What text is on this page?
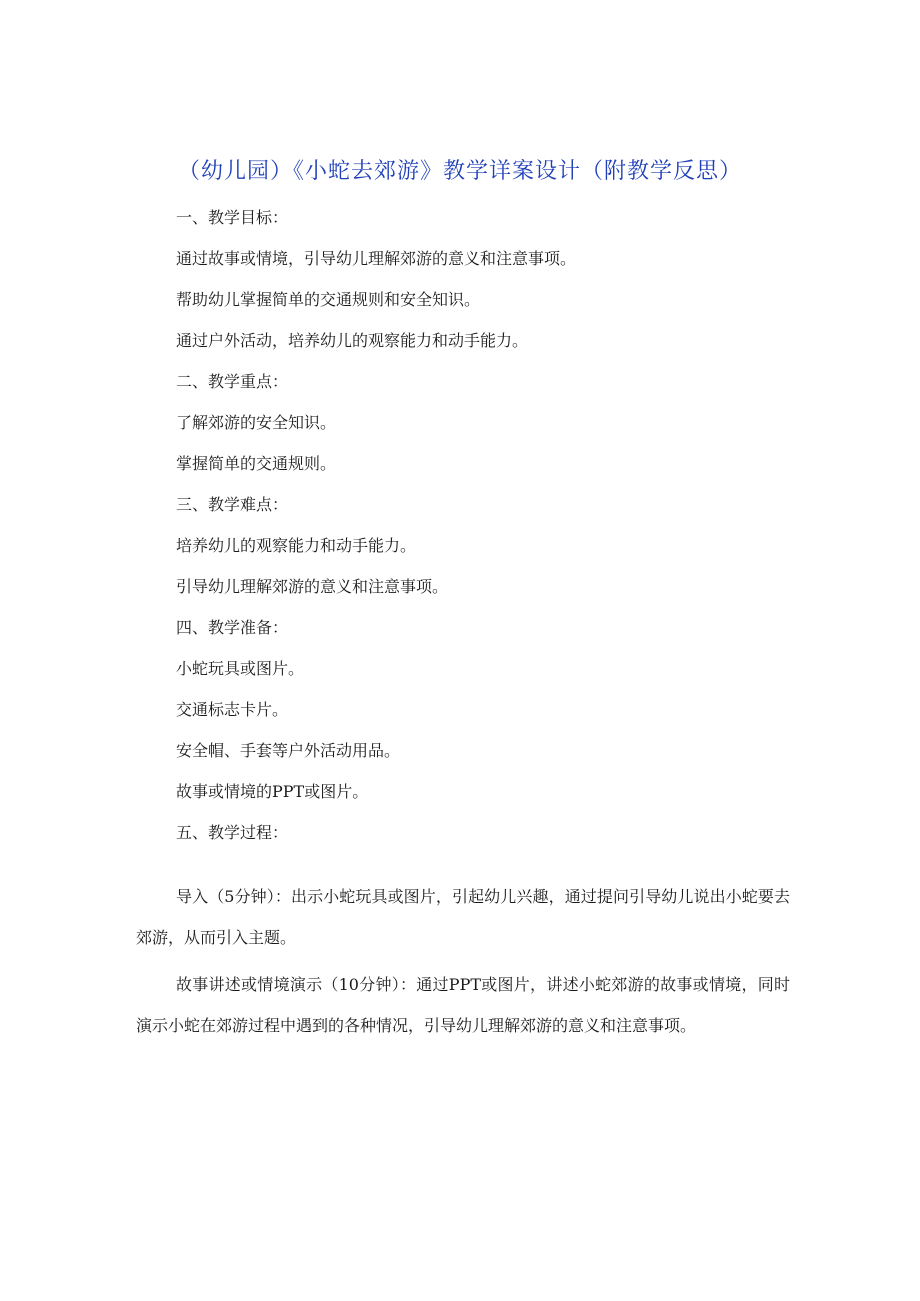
（幼儿园）《小蛇去郊游》教学详案设计（附教学反思）
一、教学目标：
通过故事或情境，引导幼儿理解郊游的意义和注意事项。
帮助幼儿掌握简单的交通规则和安全知识。
通过户外活动，培养幼儿的观察能力和动手能力。
二、教学重点：
了解郊游的安全知识。
掌握简单的交通规则。
三、教学难点：
培养幼儿的观察能力和动手能力。
引导幼儿理解郊游的意义和注意事项。
四、教学准备：
小蛇玩具或图片。
交通标志卡片。
安全帽、手套等户外活动用品。
故事或情境的PPT或图片。
五、教学过程：

导入（5分钟）：出示小蛇玩具或图片，引起幼儿兴趣，通过提问引导幼儿说出小蛇要去郊游，从而引入主题。

故事讲述或情境演示（10分钟）：通过PPT或图片，讲述小蛇郊游的故事或情境，同时演示小蛇在郊游过程中遇到的各种情况，引导幼儿理解郊游的意义和注意事项。
